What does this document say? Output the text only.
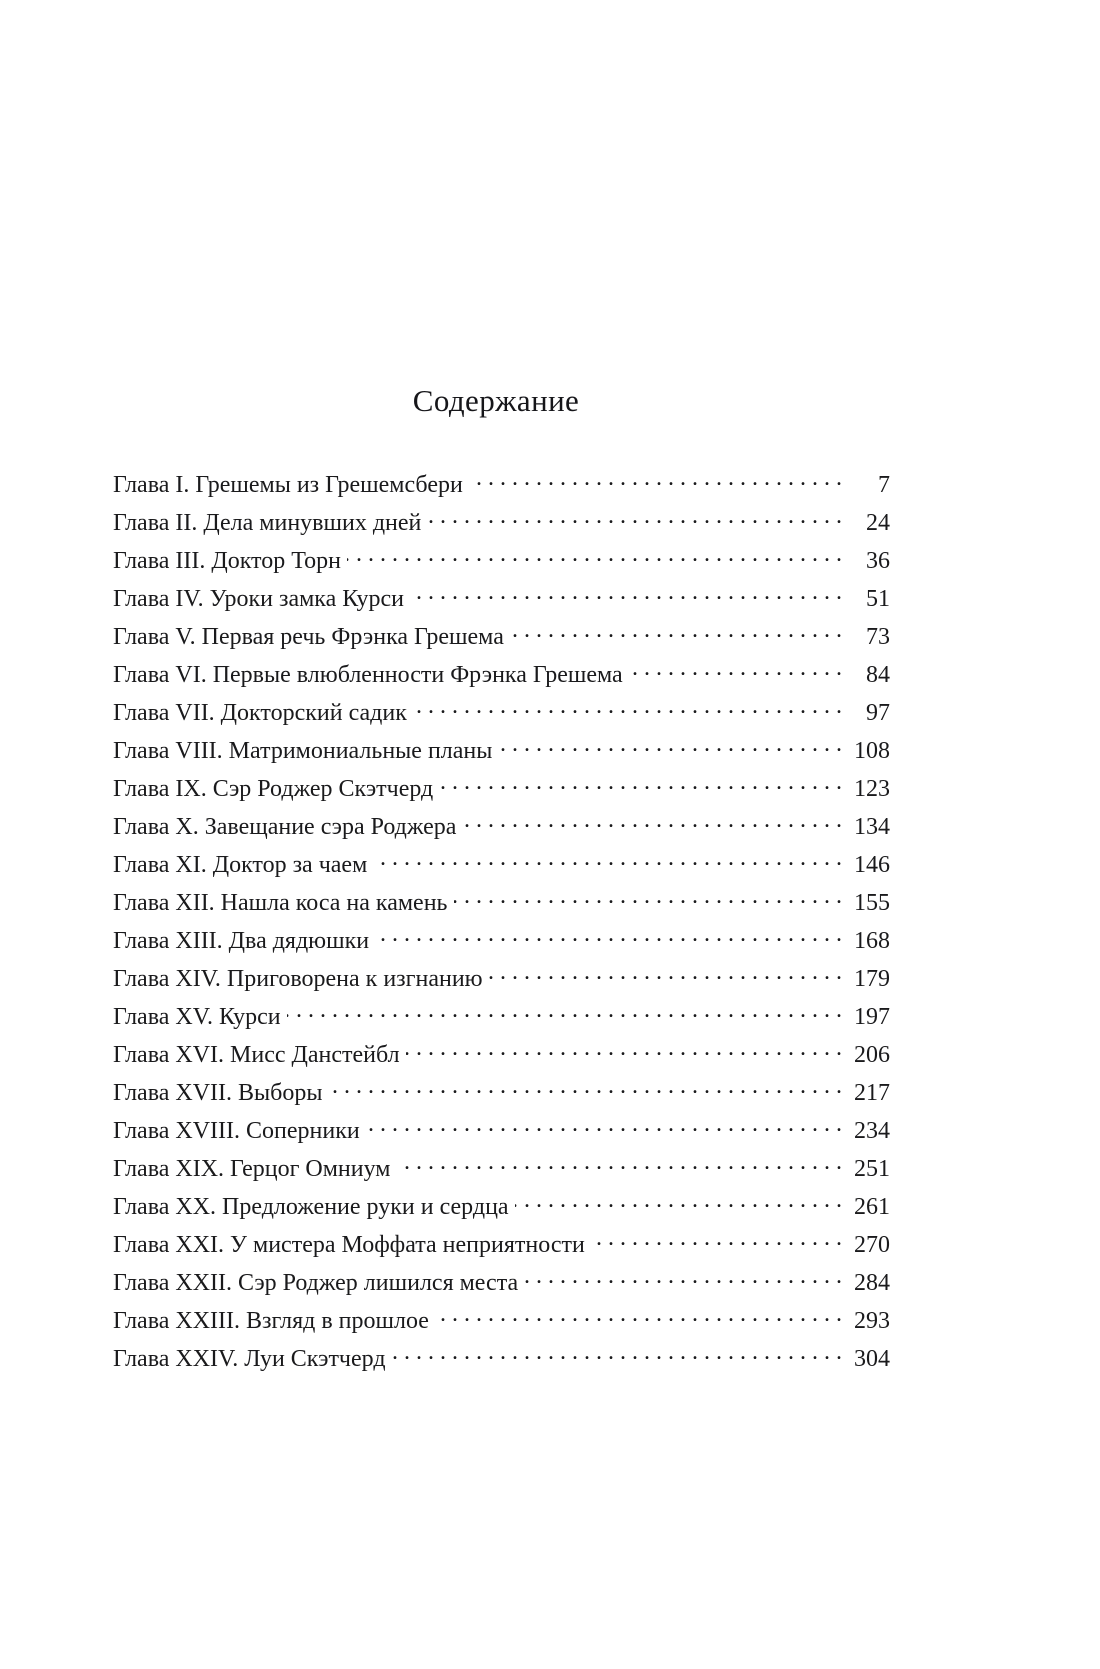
Содержание
Глава I. Грешемы из Грешемсбери . . .	7
Глава II. Дела минувших дней . . .	24
Глава III. Доктор Торн . . .	36
Глава IV. Уроки замка Курси . . .	51
Глава V. Первая речь Фрэнка Грешема . . .	73
Глава VI. Первые влюбленности Фрэнка Грешема . . .	84
Глава VII. Докторский садик . . .	97
Глава VIII. Матримониальные планы . . .	108
Глава IX. Сэр Роджер Скэтчерд . . .	123
Глава X. Завещание сэра Роджера . . .	134
Глава XI. Доктор за чаем . . .	146
Глава XII. Нашла коса на камень . . .	155
Глава XIII. Два дядюшки . . .	168
Глава XIV. Приговорена к изгнанию . . .	179
Глава XV. Курси . . .	197
Глава XVI. Мисс Данстейбл . . .	206
Глава XVII. Выборы . . .	217
Глава XVIII. Соперники . . .	234
Глава XIX. Герцог Омниум . . .	251
Глава XX. Предложение руки и сердца . . .	261
Глава XXI. У мистера Моффата неприятности . . .	270
Глава XXII. Сэр Роджер лишился места . . .	284
Глава XXIII. Взгляд в прошлое . . .	293
Глава XXIV. Луи Скэтчерд . . .	304
